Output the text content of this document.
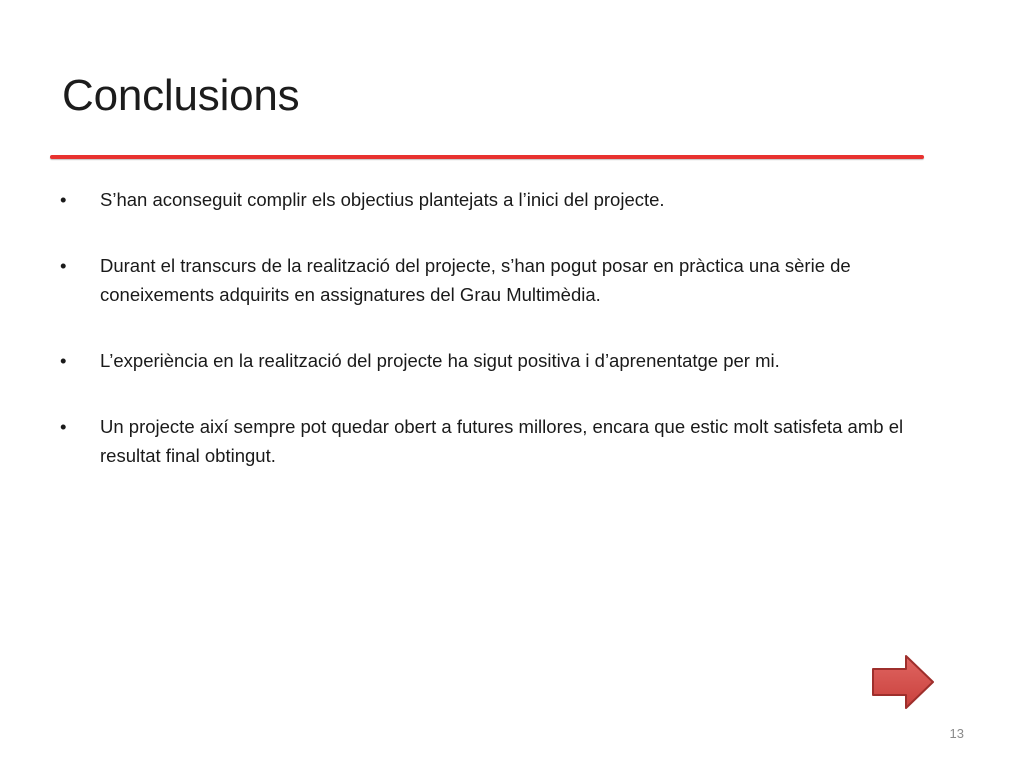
Conclusions
•	S’han aconseguit complir els objectius plantejats a l’inici del projecte.
•	Durant el transcurs de la realització del projecte, s’han pogut posar en pràctica una sèrie de coneixements adquirits en assignatures del Grau Multimèdia.
•	L’experiència en la realització del projecte ha sigut positiva i d’aprenentatge per mi.
•	Un projecte així sempre pot quedar obert a futures millores, encara que estic molt satisfeta amb el resultat final obtingut.
13
